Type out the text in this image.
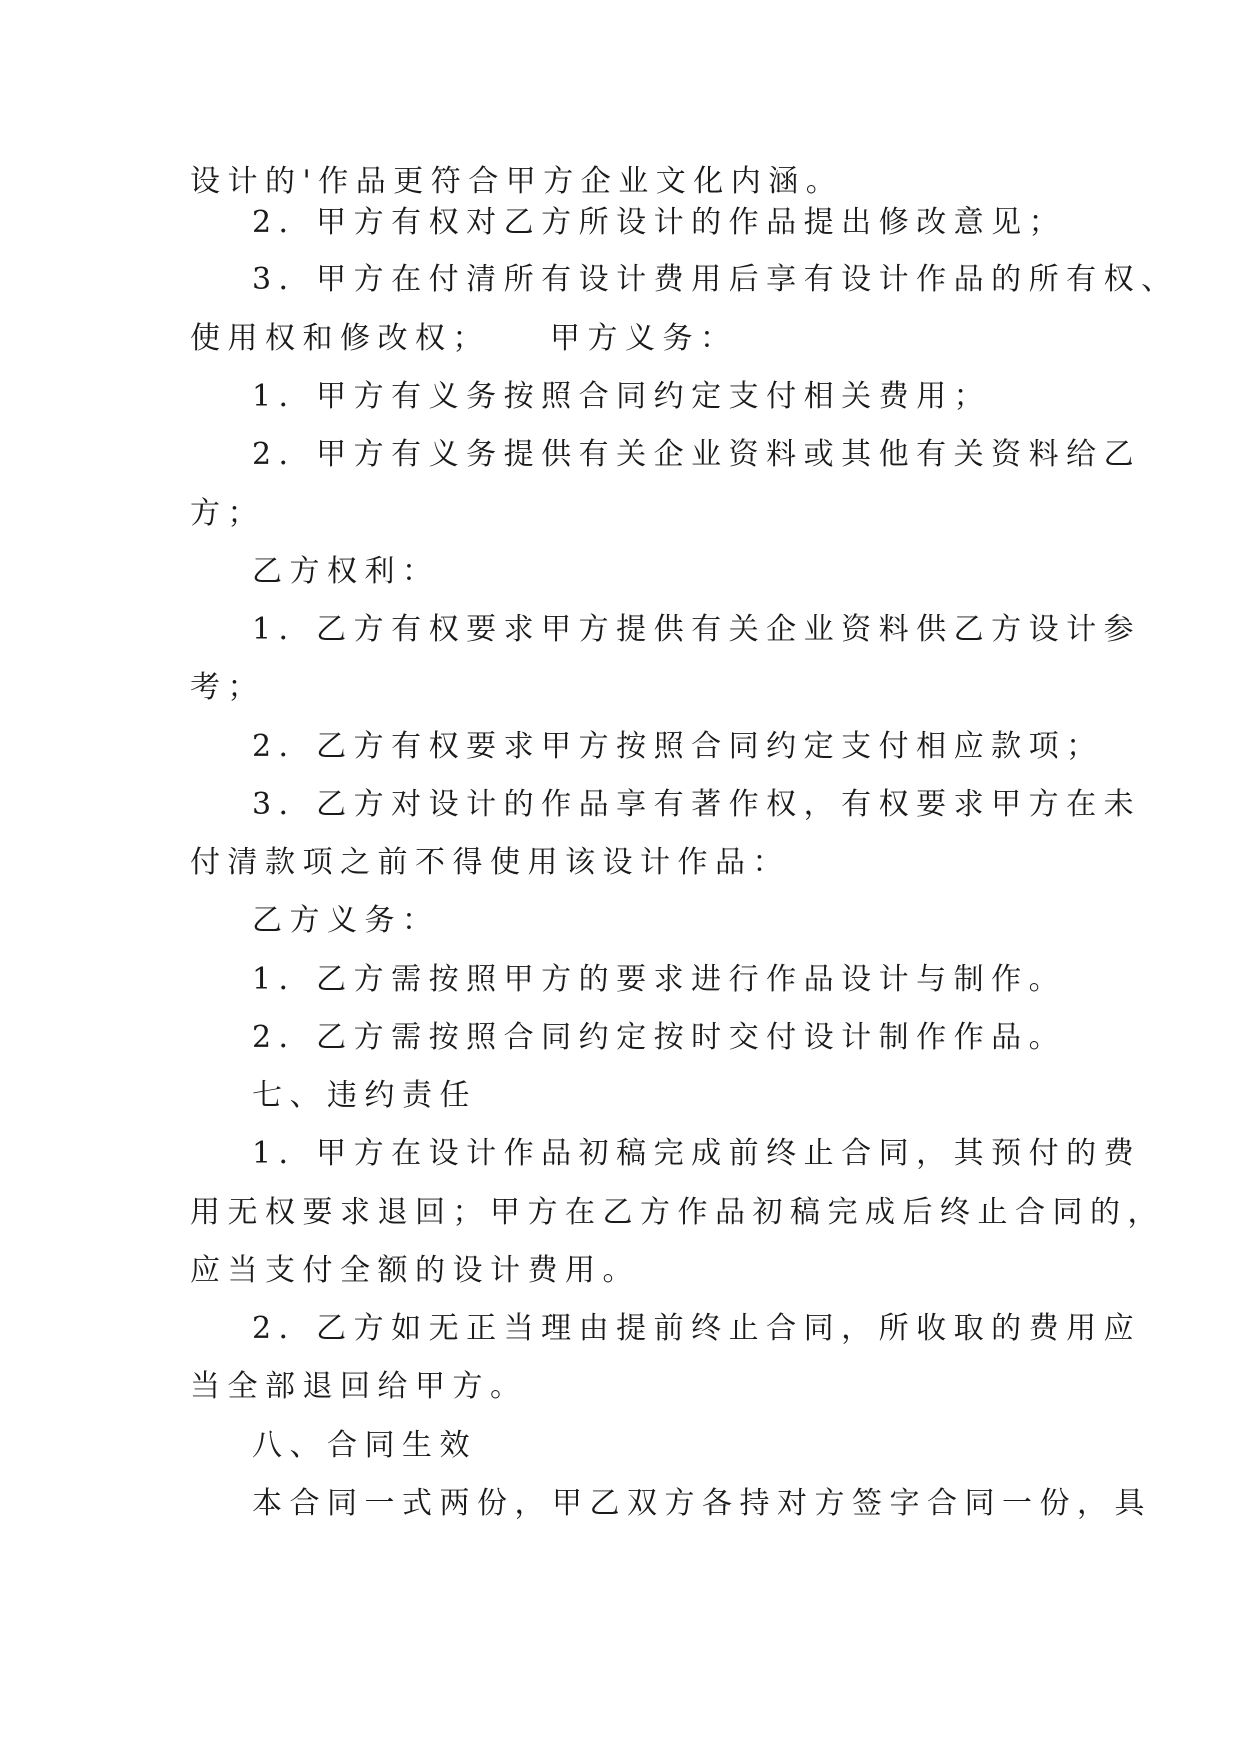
设计的'作品更符合甲方企业文化内涵。
2．甲方有权对乙方所设计的作品提出修改意见；
3．甲方在付清所有设计费用后享有设计作品的所有权、
使用权和修改权；　　甲方义务：
1．甲方有义务按照合同约定支付相关费用；
2．甲方有义务提供有关企业资料或其他有关资料给乙
方；
乙方权利：
1．乙方有权要求甲方提供有关企业资料供乙方设计参
考；
2．乙方有权要求甲方按照合同约定支付相应款项；
3．乙方对设计的作品享有著作权，有权要求甲方在未
付清款项之前不得使用该设计作品：
乙方义务：
1．乙方需按照甲方的要求进行作品设计与制作。
2．乙方需按照合同约定按时交付设计制作作品。
七、违约责任
1．甲方在设计作品初稿完成前终止合同，其预付的费
用无权要求退回；甲方在乙方作品初稿完成后终止合同的，
应当支付全额的设计费用。
2．乙方如无正当理由提前终止合同，所收取的费用应
当全部退回给甲方。
八、合同生效
本合同一式两份，甲乙双方各持对方签字合同一份，具
